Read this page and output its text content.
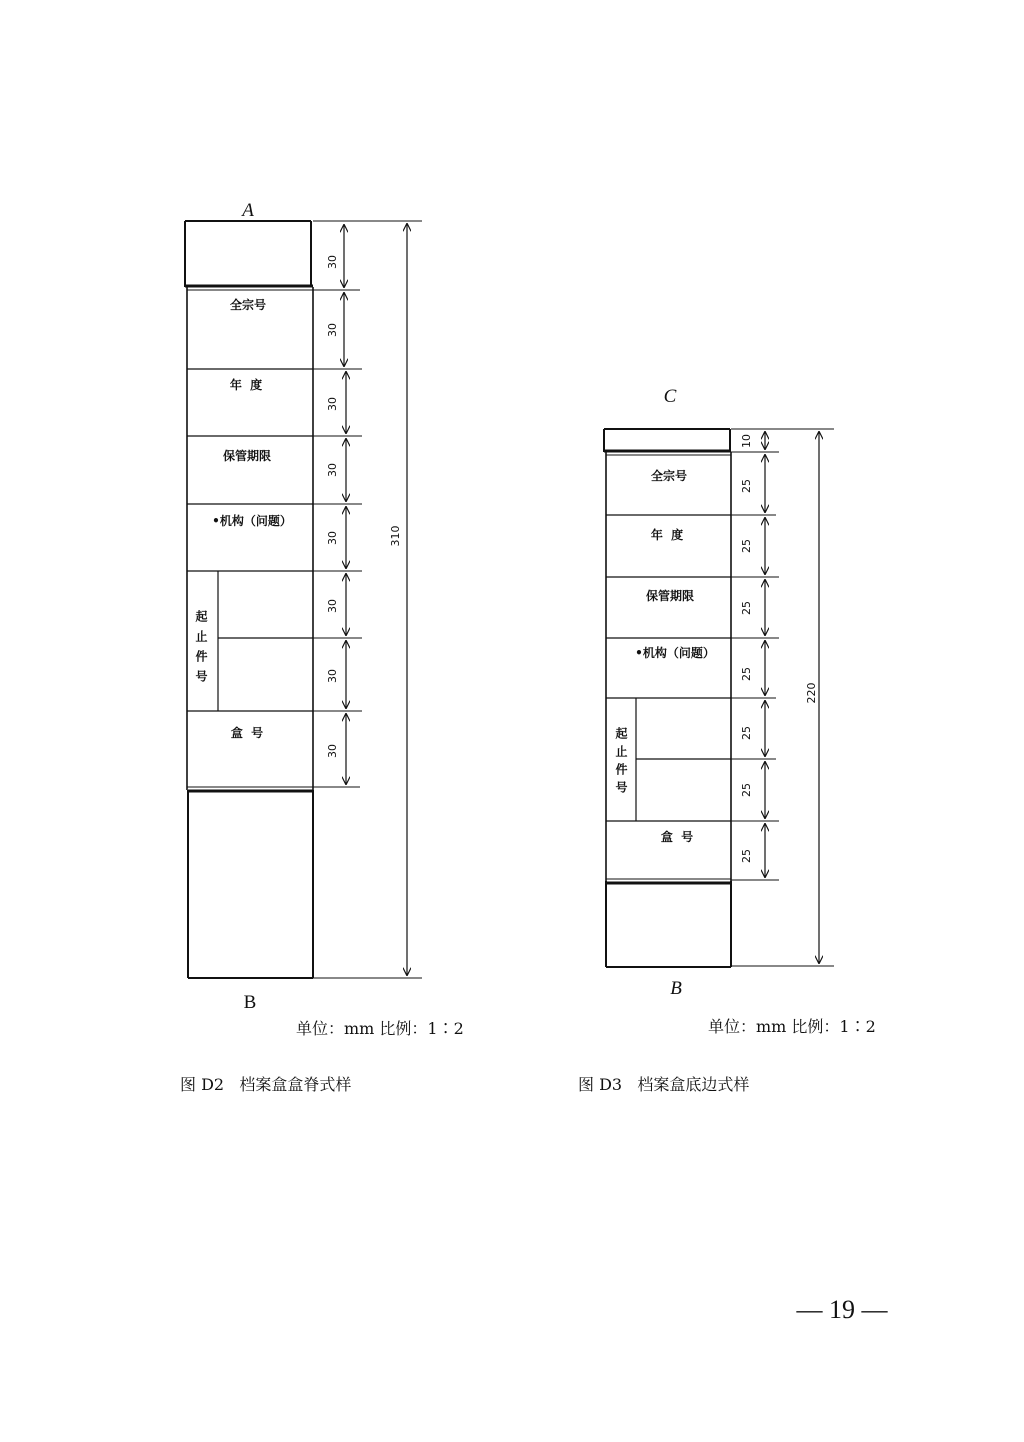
A
全宗号
年  度
保管期限
•机构（问题）
起止件号
盒  号
30
30
30
30
30
30
30
30
310
B
单位：mm 比例：1∶2
图 D2   档案盒盒脊式样
C
全宗号
年  度
保管期限
•机构（问题）
起止件号
盒  号
10
25
25
25
25
25
25
25
220
B
单位：mm 比例：1∶2
图 D3   档案盒底边式样
— 19 —
